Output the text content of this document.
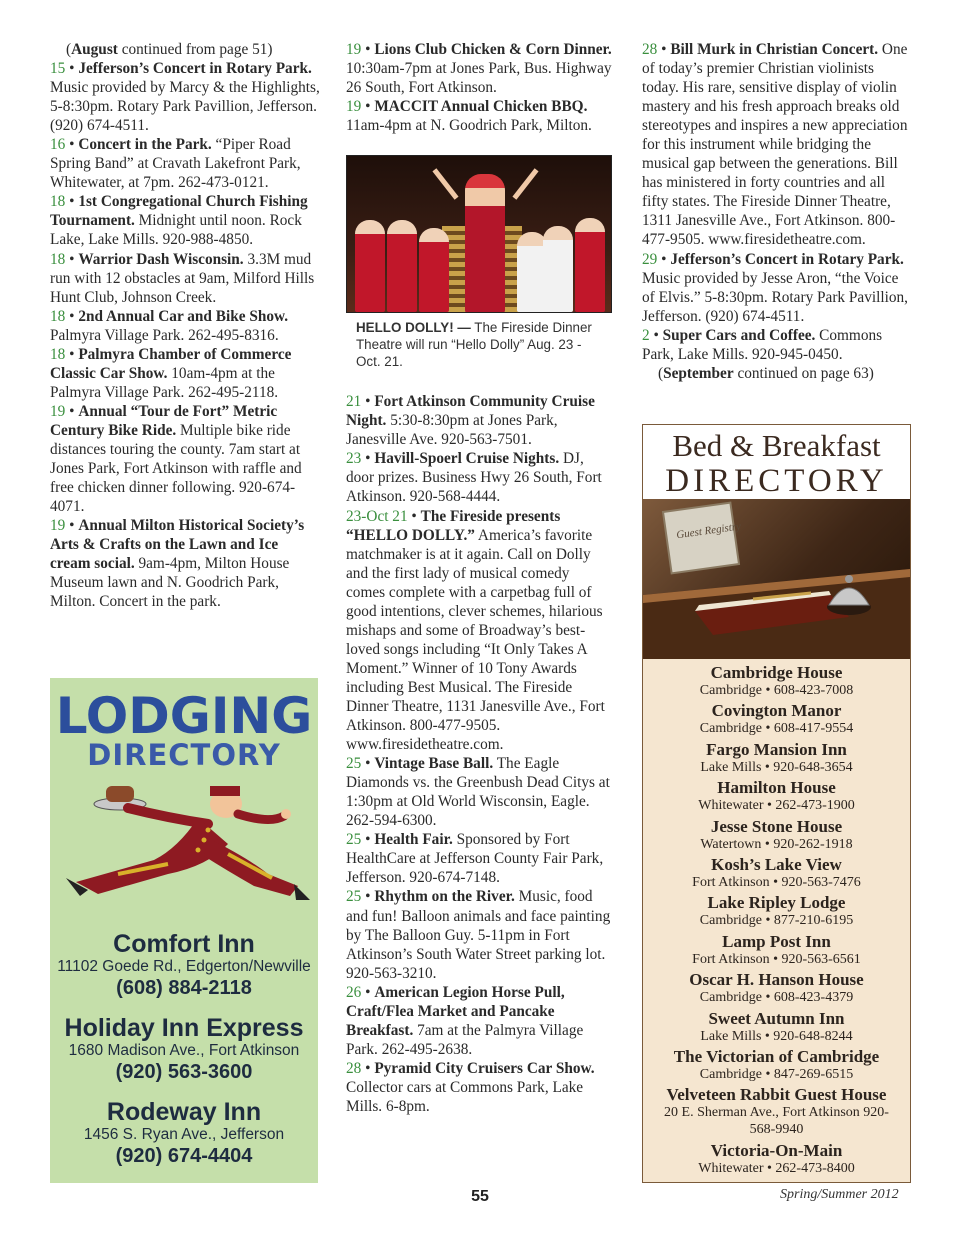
(August continued from page 51)

15 • Jefferson’s Concert in Rotary Park. Music provided by Marcy & the Highlights, 5-8:30pm. Rotary Park Pavillion, Jefferson. (920) 674-4511.

16 • Concert in the Park. “Piper Road Spring Band” at Cravath Lakefront Park, Whitewater, at 7pm. 262-473-0121.

18 • 1st Congregational Church Fishing Tournament. Midnight until noon. Rock Lake, Lake Mills. 920-988-4850.

18 • Warrior Dash Wisconsin. 3.3M mud run with 12 obstacles at 9am, Milford Hills Hunt Club, Johnson Creek.

18 • 2nd Annual Car and Bike Show. Palmyra Village Park. 262-495-8316.

18 • Palmyra Chamber of Commerce Classic Car Show. 10am-4pm at the Palmyra Village Park. 262-495-2118.

19 • Annual “Tour de Fort” Metric Century Bike Ride. Multiple bike ride distances touring the county. 7am start at Jones Park, Fort Atkinson with raffle and free chicken dinner following. 920-674-4071.

19 • Annual Milton Historical Society’s Arts & Crafts on the Lawn and Ice cream social. 9am-4pm, Milton House Museum lawn and N. Goodrich Park, Milton. Concert in the park.

LODGING
DIRECTORY
Comfort Inn
11102 Goede Rd., Edgerton/Newville
(608) 884-2118
Holiday Inn Express
1680 Madison Ave., Fort Atkinson
(920) 563-3600
Rodeway Inn
1456 S. Ryan Ave., Jefferson
(920) 674-4404

19 • Lions Club Chicken & Corn Dinner. 10:30am-7pm at Jones Park, Bus. Highway 26 South, Fort Atkinson.

19 • MACCIT Annual Chicken BBQ. 11am-4pm at N. Goodrich Park, Milton.

HELLO DOLLY! — The Fireside Dinner Theatre will run “Hello Dolly” Aug. 23 - Oct. 21.

21 • Fort Atkinson Community Cruise Night. 5:30-8:30pm at Jones Park, Janesville Ave. 920-563-7501.

23 • Havill-Spoerl Cruise Nights. DJ, door prizes. Business Hwy 26 South, Fort Atkinson. 920-568-4444.

23-Oct 21 • The Fireside presents “HELLO DOLLY.” America’s favorite matchmaker is at it again. Call on Dolly and the first lady of musical comedy comes complete with a carpetbag full of good intentions, clever schemes, hilarious mishaps and some of Broadway’s best-loved songs including “It Only Takes A Moment.” Winner of 10 Tony Awards including Best Musical. The Fireside Dinner Theatre, 1131 Janesville Ave., Fort Atkinson. 800-477-9505. www.firesidetheatre.com.

25 • Vintage Base Ball. The Eagle Diamonds vs. the Greenbush Dead Citys at 1:30pm at Old World Wisconsin, Eagle. 262-594-6300.

25 • Health Fair. Sponsored by Fort HealthCare at Jefferson County Fair Park, Jefferson. 920-674-7148.

25 • Rhythm on the River. Music, food and fun! Balloon animals and face painting by The Balloon Guy. 5-11pm in Fort Atkinson’s South Water Street parking lot. 920-563-3210.

26 • American Legion Horse Pull, Craft/Flea Market and Pancake Breakfast. 7am at the Palmyra Village Park. 262-495-2638.

28 • Pyramid City Cruisers Car Show. Collector cars at Commons Park, Lake Mills. 6-8pm.

28 • Bill Murk in Christian Concert. One of today’s premier Christian violinists today. His rare, sensitive display of violin mastery and his fresh approach breaks old stereotypes and inspires a new appreciation for this instrument while bridging the musical gap between the generations. Bill has ministered in forty countries and all fifty states. The Fireside Dinner Theatre, 1311 Janesville Ave., Fort Atkinson. 800-477-9505. www.firesidetheatre.com.

29 • Jefferson’s Concert in Rotary Park. Music provided by Jesse Aron, “the Voice of Elvis.” 5-8:30pm. Rotary Park Pavillion, Jefferson. (920) 674-4511.

2 • Super Cars and Coffee. Commons Park, Lake Mills. 920-945-0450.

(September continued on page 63)

Bed & Breakfast
DIRECTORY
Guest Registry
Cambridge House
Cambridge • 608-423-7008
Covington Manor
Cambridge • 608-417-9554
Fargo Mansion Inn
Lake Mills • 920-648-3654
Hamilton House
Whitewater • 262-473-1900
Jesse Stone House
Watertown • 920-262-1918
Kosh’s Lake View
Fort Atkinson • 920-563-7476
Lake Ripley Lodge
Cambridge • 877-210-6195
Lamp Post Inn
Fort Atkinson • 920-563-6561
Oscar H. Hanson House
Cambridge • 608-423-4379
Sweet Autumn Inn
Lake Mills • 920-648-8244
The Victorian of Cambridge
Cambridge • 847-269-6515
Velveteen Rabbit Guest House
20 E. Sherman Ave., Fort Atkinson 920-568-9940
Victoria-On-Main
Whitewater • 262-473-8400
55	Spring/Summer 2012
